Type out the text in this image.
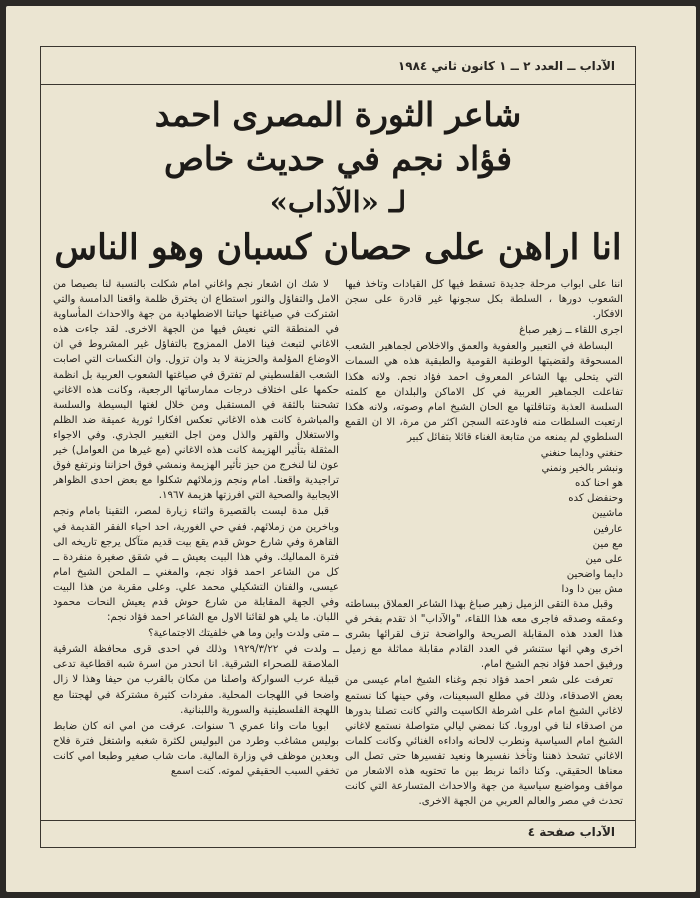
الآداب ــ العدد ٢ ــ ١ كانون ثاني ١٩٨٤
شاعر الثورة المصرى احمد
فؤاد نجم في حديث خاص
لـ «الآداب»
انا اراهن على حصان كسبان وهو الناس

اننا على ابواب مرحلة جديدة تسقط فيها كل القيادات وتاخذ فيها الشعوب دورها ، السلطة بكل سجونها غير قادرة على سجن الافكار.

اجرى اللقاء ــ زهير صباغ

البساطة في التعبير والعفوية والعمق والاخلاص لجماهير الشعب المسحوقة ولقضيتها الوطنية القومية والطبقية هذه هي السمات التي يتحلى بها الشاعر المعروف احمد فؤاد نجم. ولانه هكذا تفاعلت الجماهير العربية في كل الاماكن والبلدان مع كلمته السلسة العذبة وتناقلتها مع الحان الشيخ امام وصوته، ولانه هكذا ارتعبت السلطات منه فاودعته السجن اكثر من مرة، الا ان القمع السلطوي لم يمنعه من متابعة الغناء قائلا بتفائل كبير

حنغني ودايما حنغني

ونبشر بالخير ونمني

هو احنا كده

وحنفضل كده

ماشيين

عارفين

مع مين

على مين

دايما واضحين

مش بين دا ودا

وقبل مدة التقى الزميل زهير صباغ بهذا الشاعر العملاق ببساطته وعمقه وصدقه فاجرى معه هذا اللقاء، "والآداب" اذ تقدم بفخر في هذا العدد هذه المقابلة الصريحة والواضحة تزف لقرائها بشرى اخرى وهي انها ستنشر في العدد القادم مقابلة مماثلة مع زميل ورفيق احمد فؤاد نجم الشيخ امام.

تعرفت على شعر احمد فؤاد نجم وغناء الشيخ امام عيسى من بعض الاصدقاء، وذلك في مطلع السبعينات، وفي حينها كنا نستمع لاغاني الشيخ امام على اشرطة الكاسيت والتي كانت تصلنا بدورها من اصدقاء لنا في اوروبا. كنا نمضي ليالي متواصلة نستمع لاغاني الشيخ امام السياسية ونطرب لالحانه واداءه الغنائي وكانت كلمات الاغاني تشحذ ذهننا وتأخذ نفسيرها ونعيد تفسيرها حتى تصل الى معناها الحقيقي. وكنا دائما نربط بين ما تحتويه هذه الاشعار من مواقف ومواضيع سياسية من جهة والاحداث المتسارعة التي كانت تحدث في مصر والعالم العربي من الجهة الاخرى.

لا شك ان اشعار نجم واغاني امام شكلت بالنسبة لنا بصيصا من الامل والتفاؤل والنور استطاع ان يخترق ظلمة واقعنا الدامسة والتي اشتركت في صياغتها حياتنا الاضطهادية من جهة والاحداث المأساوية في المنطقة التي نعيش فيها من الجهة الاخرى. لقد جاءت هذه الاغاني لتبعث فينا الامل الممزوج بالتفاؤل غير المشروط في ان الاوضاع المؤلمة والحزينة لا بد وان تزول. وان النكسات التي اصابت الشعب الفلسطيني لم تفترق في صياغتها الشعوب العربية بل انظمة حكمها على اختلاف درجات ممارساتها الرجعية، وكانت هذه الاغاني تشحننا بالثقة في المستقبل ومن خلال لغتها البسيطة والسلسة والمباشرة كانت هذه الاغاني تعكس افكارا ثورية عميقة ضد الظلم والاستغلال والقهر والذل ومن اجل التغيير الجذري. وفي الاجواء المثقلة بتأثير الهزيمة كانت هذه الاغاني (مع غيرها من العوامل) خير عون لنا لنخرج من حيز تأثير الهزيمة ونمشي فوق احزاننا ونرتفع فوق تراجيدية واقعنا. امام ونجم وزملائهم شكلوا مع بعض احدى الظواهر الايجابية والصحية التي افرزتها هزيمة ١٩٦٧.

قبل مدة ليست بالقصيرة واثناء زيارة لمصر، التقينا بامام ونجم وباخرين من زملائهم. ففي حي الغورية، احد احياء الفقر القديمة في القاهرة وفي شارع حوش قدم يقع بيت قديم متآكل يرجع تاريخه الى فترة المماليك. وفي هذا البيت يعيش ــ في شقق صغيرة منفردة ــ كل من الشاعر احمد فؤاد نجم، والمغني ــ الملحن الشيخ امام عيسى، والفنان التشكيلي محمد علي. وعلى مقربة من هذا البيت وفي الجهة المقابلة من شارع حوش قدم يعيش النحات محمود اللبان. ما يلي هو لقائنا الاول مع الشاعر احمد فؤاد نجم:

ــ متى ولدت واين وما هي خلفيتك الاجتماعية؟

ــ ولدت في ١٩٢٩/٣/٢٢ وذلك في احدى قرى محافظة الشرقية الملاصقة للصحراء الشرقية. انا انحدر من اسرة شبه اقطاعية تدعى قبيلة عرب السواركة واصلنا من مكان بالقرب من حيفا وهذا لا زال واضحا في اللهجات المحلية. مفردات كثيرة مشتركة في لهجتنا مع اللهجة الفلسطينية والسورية واللبنانية.

ابويا مات وانا عمري ٦ سنوات. عرفت من امي انه كان ضابط بوليس مشاغب وطرد من البوليس لكثرة شغبه واشتغل فترة فلاح وبعدين موظف في وزارة المالية. مات شاب صغير وطبعا امي كانت تخفي السبب الحقيقي لموته. كنت اسمع

الآداب صفحة ٤
